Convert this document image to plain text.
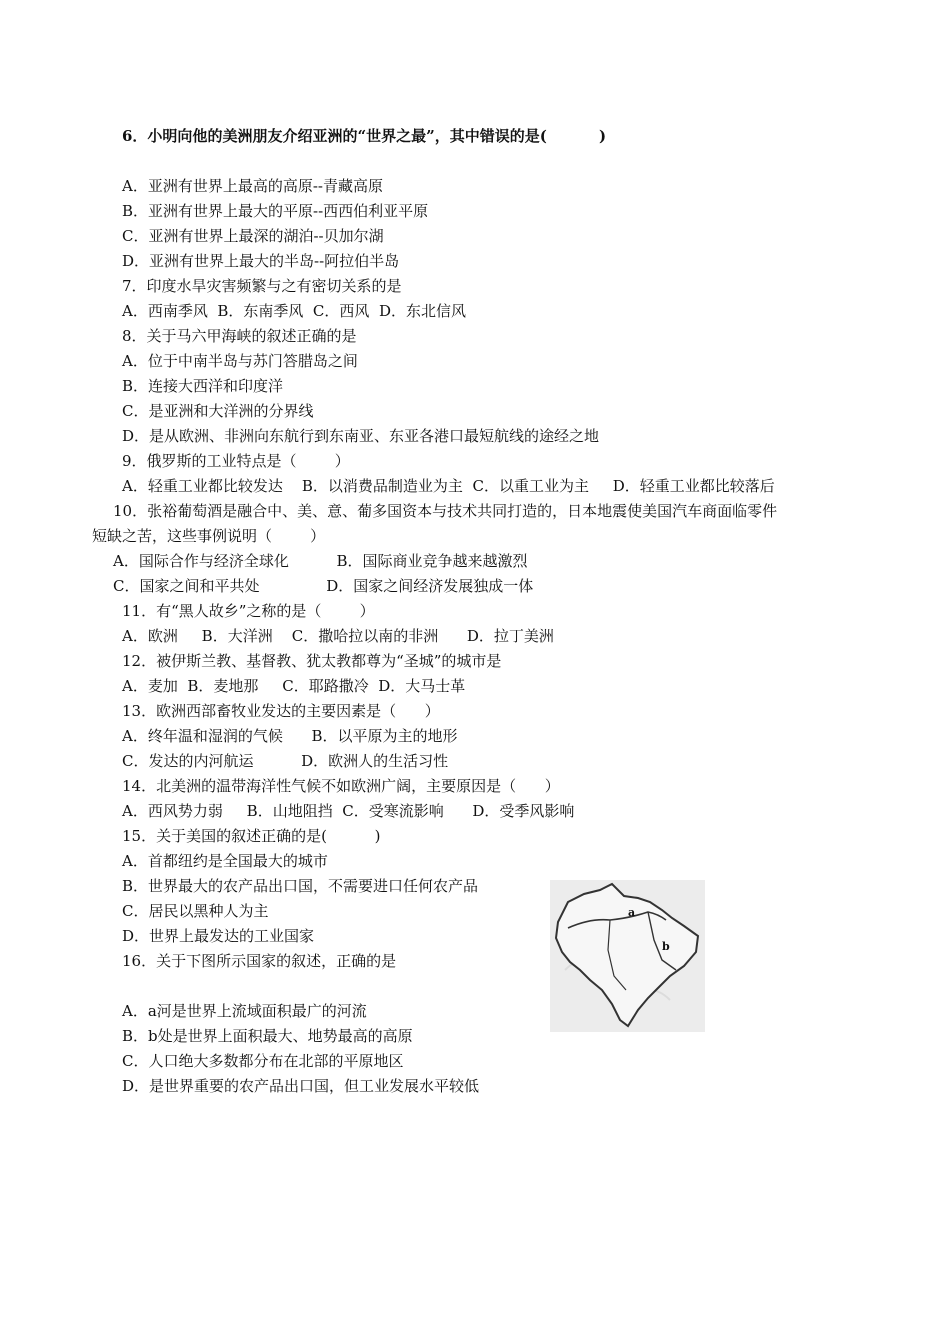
6．小明向他的美洲朋友介绍亚洲的“世界之最”，其中错误的是(          )
A．亚洲有世界上最高的高原--青藏高原
B．亚洲有世界上最大的平原--西西伯利亚平原
C．亚洲有世界上最深的湖泊--贝加尔湖
D．亚洲有世界上最大的半岛--阿拉伯半岛
7．印度水旱灾害频繁与之有密切关系的是
A．西南季风  B．东南季风  C．西风  D．东北信风
8．关于马六甲海峡的叙述正确的是
A．位于中南半岛与苏门答腊岛之间
B．连接大西洋和印度洋
C．是亚洲和大洋洲的分界线
D．是从欧洲、非洲向东航行到东南亚、东亚各港口最短航线的途经之地
9．俄罗斯的工业特点是（        ）
A．轻重工业都比较发达    B．以消费品制造业为主  C．以重工业为主     D．轻重工业都比较落后
10．张裕葡萄酒是融合中、美、意、葡多国资本与技术共同打造的，日本地震使美国汽车商面临零件
短缺之苦，这些事例说明（        ）
A．国际合作与经济全球化          B．国际商业竞争越来越激烈
C．国家之间和平共处              D．国家之间经济发展独成一体
11．有“黑人故乡”之称的是（        ）
A．欧洲     B．大洋洲    C．撒哈拉以南的非洲      D．拉丁美洲
12．被伊斯兰教、基督教、犹太教都尊为“圣城”的城市是
A．麦加  B．麦地那     C．耶路撒冷  D．大马士革
13．欧洲西部畜牧业发达的主要因素是（      ）
A．终年温和湿润的气候      B．以平原为主的地形
C．发达的内河航运          D．欧洲人的生活习性
14．北美洲的温带海洋性气候不如欧洲广阔，主要原因是（      ）
A．西风势力弱     B．山地阻挡  C．受寒流影响      D．受季风影响
15．关于美国的叙述正确的是(          )
A．首都纽约是全国最大的城市
B．世界最大的农产品出口国，不需要进口任何农产品
C．居民以黑种人为主
D．世界上最发达的工业国家
16．关于下图所示国家的叙述，正确的是
A．a河是世界上流域面积最广的河流
B．b处是世界上面积最大、地势最高的高原
C．人口绝大多数都分布在北部的平原地区
D．是世界重要的农产品出口国，但工业发展水平较低
a
b
